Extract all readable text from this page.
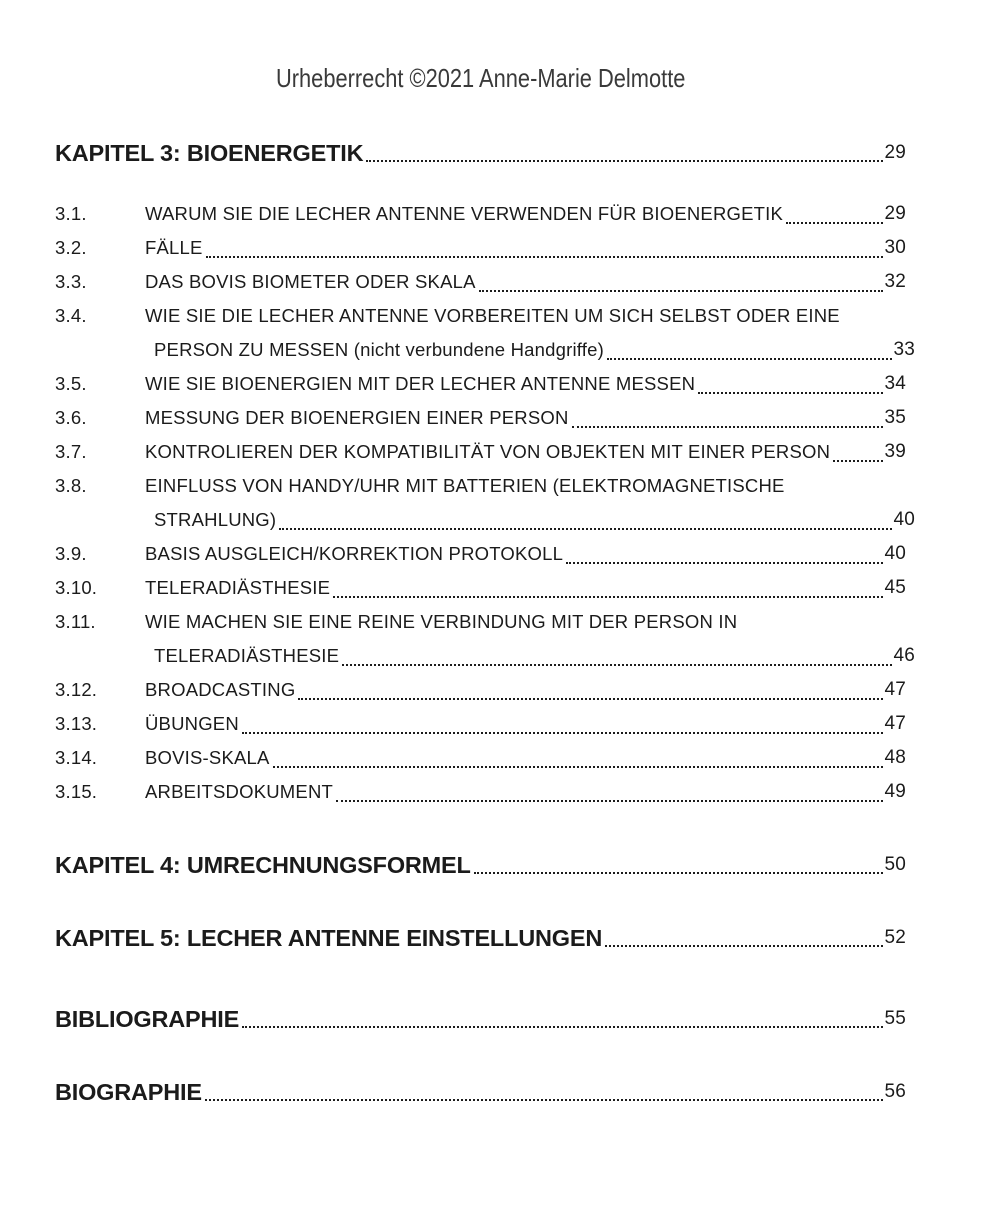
Urheberrecht ©2021 Anne-Marie Delmotte
KAPITEL 3: BIOENERGETIK	29
3.1.	WARUM SIE DIE LECHER ANTENNE VERWENDEN FÜR BIOENERGETIK	29
3.2.	FÄLLE	30
3.3.	DAS BOVIS BIOMETER ODER SKALA	32
3.4.	WIE SIE DIE LECHER ANTENNE VORBEREITEN UM SICH SELBST ODER EINE
PERSON ZU MESSEN (nicht verbundene Handgriffe)	33
3.5.	WIE SIE BIOENERGIEN MIT DER LECHER ANTENNE MESSEN	34
3.6.	MESSUNG DER BIOENERGIEN EINER PERSON	35
3.7.	KONTROLIEREN DER KOMPATIBILITÄT VON OBJEKTEN MIT EINER PERSON	39
3.8.	EINFLUSS VON HANDY/UHR MIT BATTERIEN (ELEKTROMAGNETISCHE
STRAHLUNG)	40
3.9.	BASIS AUSGLEICH/KORREKTION PROTOKOLL	40
3.10.	TELERADIÄSTHESIE	45
3.11.	WIE MACHEN SIE EINE REINE VERBINDUNG MIT DER PERSON IN
TELERADIÄSTHESIE	46
3.12.	BROADCASTING	47
3.13.	ÜBUNGEN	47
3.14.	BOVIS-SKALA	48
3.15.	ARBEITSDOKUMENT	49
KAPITEL 4: UMRECHNUNGSFORMEL	50
KAPITEL 5: LECHER ANTENNE EINSTELLUNGEN	52
BIBLIOGRAPHIE	55
BIOGRAPHIE	56
